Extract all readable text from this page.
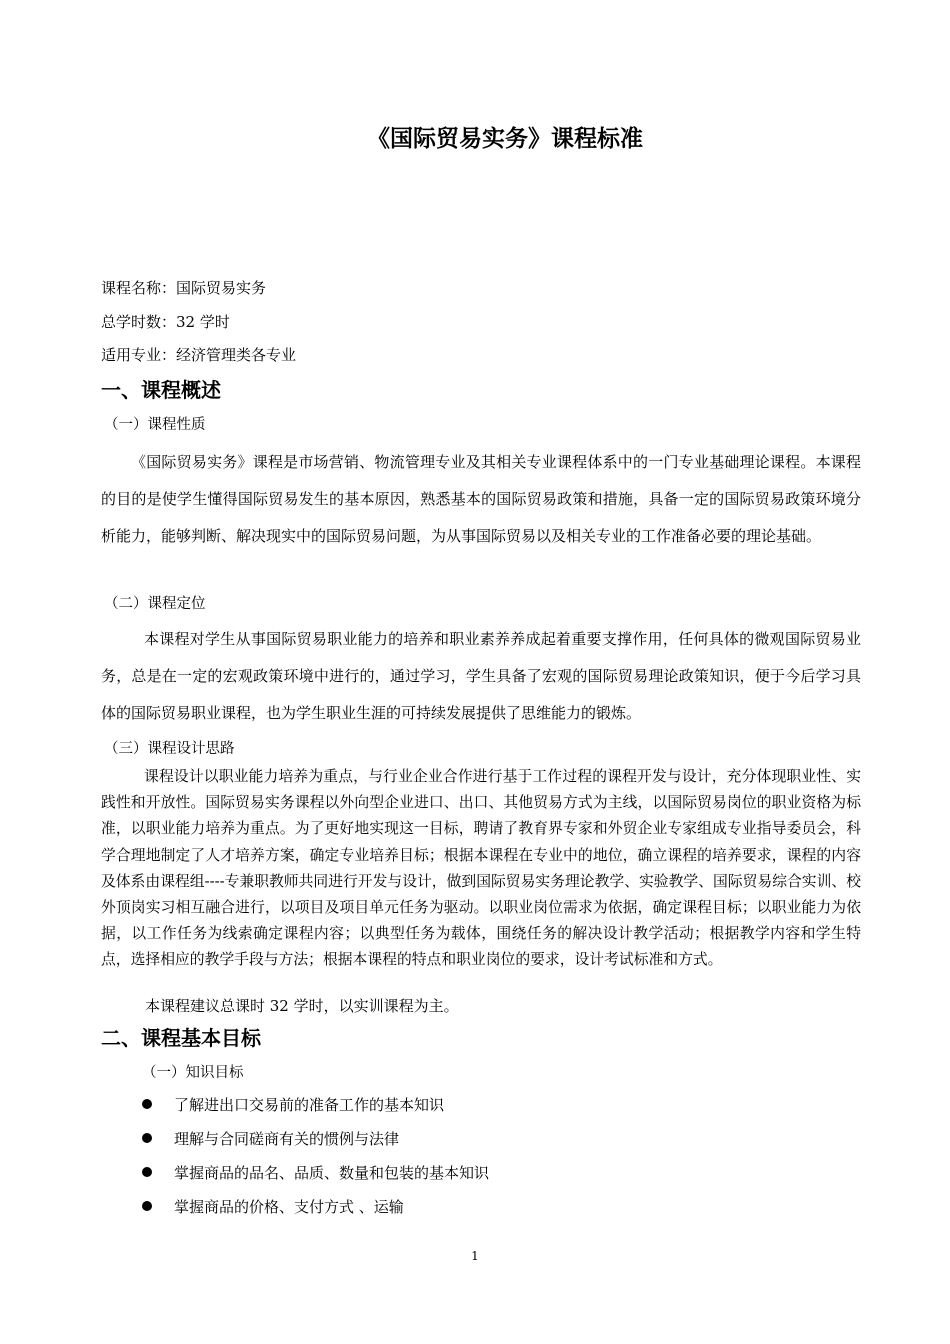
《国际贸易实务》课程标准
课程名称：国际贸易实务
总学时数：32 学时
适用专业：经济管理类各专业
一、课程概述
（一）课程性质
《国际贸易实务》课程是市场营销、物流管理专业及其相关专业课程体系中的一门专业基础理论课程。本课程的目的是使学生懂得国际贸易发生的基本原因，熟悉基本的国际贸易政策和措施，具备一定的国际贸易政策环境分析能力，能够判断、解决现实中的国际贸易问题，为从事国际贸易以及相关专业的工作准备必要的理论基础。
（二）课程定位
本课程对学生从事国际贸易职业能力的培养和职业素养养成起着重要支撑作用，任何具体的微观国际贸易业务，总是在一定的宏观政策环境中进行的，通过学习，学生具备了宏观的国际贸易理论政策知识，便于今后学习具体的国际贸易职业课程，也为学生职业生涯的可持续发展提供了思维能力的锻炼。
（三）课程设计思路
课程设计以职业能力培养为重点，与行业企业合作进行基于工作过程的课程开发与设计，充分体现职业性、实践性和开放性。国际贸易实务课程以外向型企业进口、出口、其他贸易方式为主线，以国际贸易岗位的职业资格为标准，以职业能力培养为重点。为了更好地实现这一目标，聘请了教育界专家和外贸企业专家组成专业指导委员会，科学合理地制定了人才培养方案，确定专业培养目标；根据本课程在专业中的地位，确立课程的培养要求，课程的内容及体系由课程组----专兼职教师共同进行开发与设计，做到国际贸易实务理论教学、实验教学、国际贸易综合实训、校外顶岗实习相互融合进行，以项目及项目单元任务为驱动。以职业岗位需求为依据，确定课程目标；以职业能力为依据，以工作任务为线索确定课程内容；以典型任务为载体，围绕任务的解决设计教学活动；根据教学内容和学生特点，选择相应的教学手段与方法；根据本课程的特点和职业岗位的要求，设计考试标准和方式。
本课程建议总课时 32 学时，以实训课程为主。
二、课程基本目标
（一）知识目标
了解进出口交易前的准备工作的基本知识
理解与合同磋商有关的惯例与法律
掌握商品的品名、品质、数量和包装的基本知识
掌握商品的价格、支付方式 、运输
1
